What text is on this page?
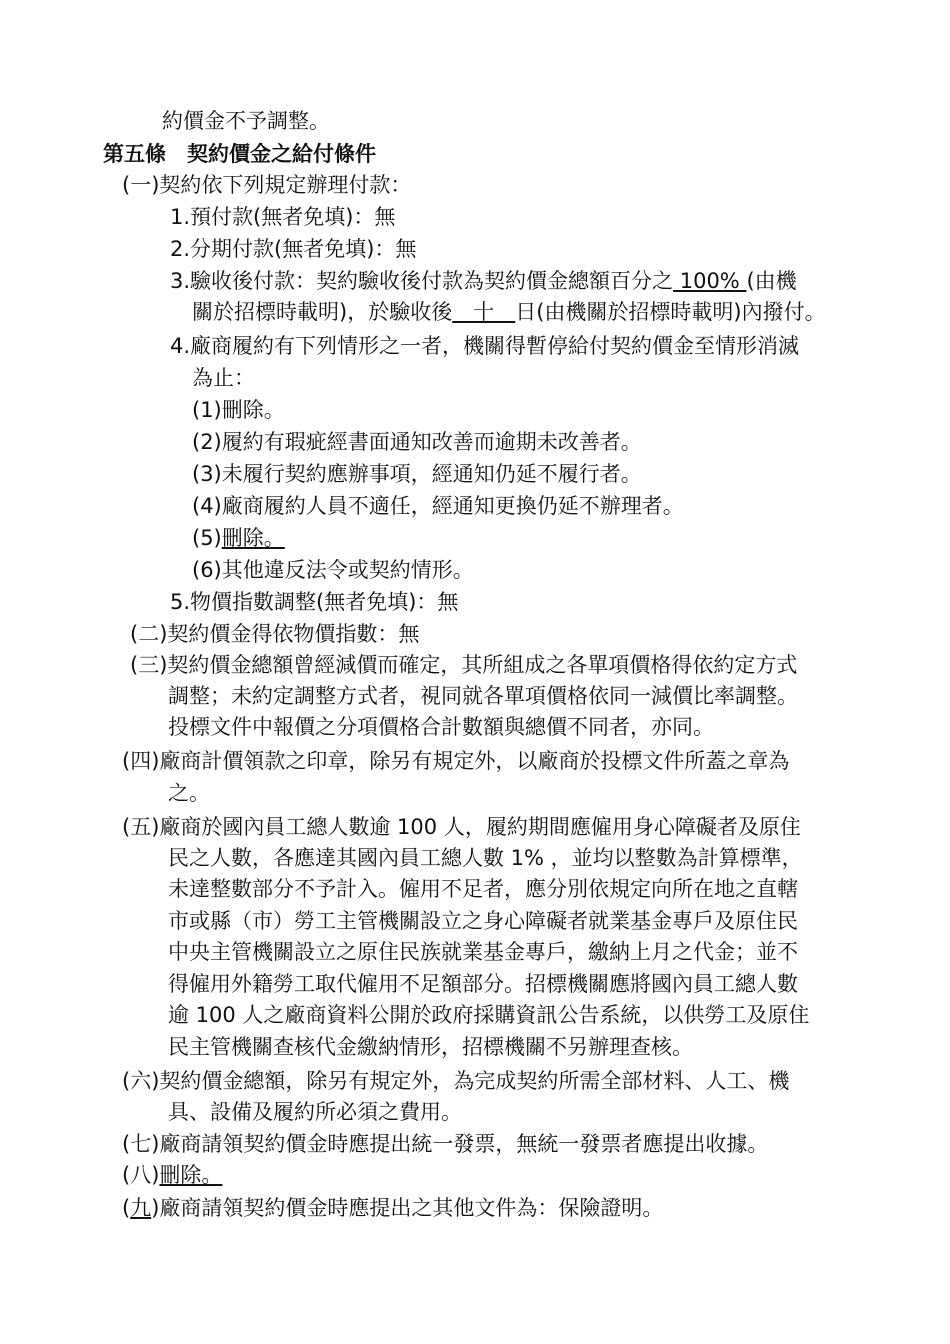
約價金不予調整。
第五條　契約價金之給付條件
(一)契約依下列規定辦理付款：
1.預付款(無者免填)：無
2.分期付款(無者免填)：無
3.驗收後付款：契約驗收後付款為契約價金總額百分之 100% (由機
關於招標時載明)，於驗收後　十　日(由機關於招標時載明)內撥付。
4.廠商履約有下列情形之一者，機關得暫停給付契約價金至情形消滅
為止：
(1)刪除。
(2)履約有瑕疵經書面通知改善而逾期未改善者。
(3)未履行契約應辦事項，經通知仍延不履行者。
(4)廠商履約人員不適任，經通知更換仍延不辦理者。
(5)刪除。
(6)其他違反法令或契約情形。
5.物價指數調整(無者免填)：無
(二)契約價金得依物價指數：無
(三)契約價金總額曾經減價而確定，其所組成之各單項價格得依約定方式
調整；未約定調整方式者，視同就各單項價格依同一減價比率調整。
投標文件中報價之分項價格合計數額與總價不同者，亦同。
(四)廠商計價領款之印章，除另有規定外，以廠商於投標文件所蓋之章為
之。
(五)廠商於國內員工總人數逾 100 人，履約期間應僱用身心障礙者及原住
民之人數，各應達其國內員工總人數 1% ，並均以整數為計算標準，
未達整數部分不予計入。僱用不足者，應分別依規定向所在地之直轄
市或縣（市）勞工主管機關設立之身心障礙者就業基金專戶及原住民
中央主管機關設立之原住民族就業基金專戶，繳納上月之代金；並不
得僱用外籍勞工取代僱用不足額部分。招標機關應將國內員工總人數
逾 100 人之廠商資料公開於政府採購資訊公告系統，以供勞工及原住
民主管機關查核代金繳納情形，招標機關不另辦理查核。
(六)契約價金總額，除另有規定外，為完成契約所需全部材料、人工、機
具、設備及履約所必須之費用。
(七)廠商請領契約價金時應提出統一發票，無統一發票者應提出收據。
(八)刪除。
(九)廠商請領契約價金時應提出之其他文件為：保險證明。
